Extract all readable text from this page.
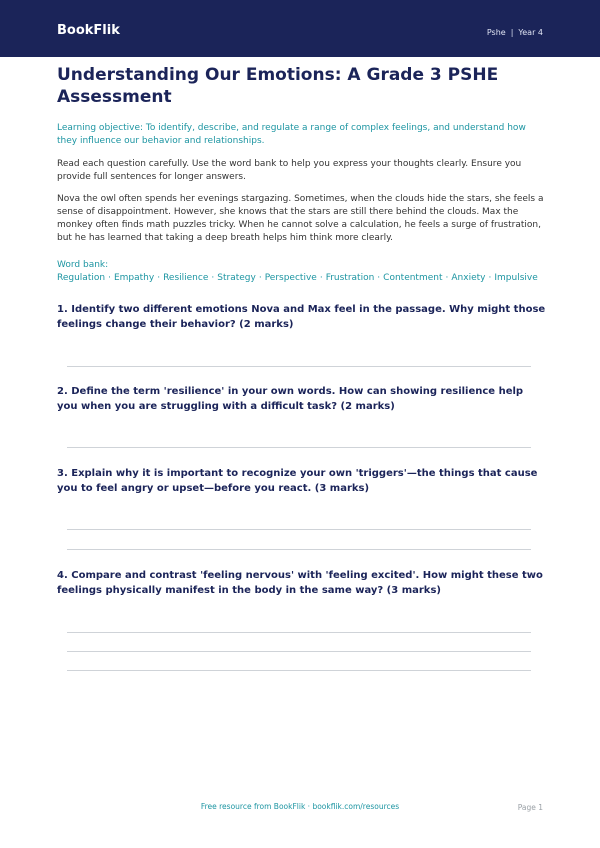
BookFlik	Pshe | Year 4
Understanding Our Emotions: A Grade 3 PSHE Assessment

Learning objective: To identify, describe, and regulate a range of complex feelings, and understand how they influence our behavior and relationships.

Read each question carefully. Use the word bank to help you express your thoughts clearly. Ensure you provide full sentences for longer answers.

Nova the owl often spends her evenings stargazing. Sometimes, when the clouds hide the stars, she feels a sense of disappointment. However, she knows that the stars are still there behind the clouds. Max the monkey often finds math puzzles tricky. When he cannot solve a calculation, he feels a surge of frustration, but he has learned that taking a deep breath helps him think more clearly.

Word bank: Regulation · Empathy · Resilience · Strategy · Perspective · Frustration · Contentment · Anxiety · Impulsive

1. Identify two different emotions Nova and Max feel in the passage. Why might those feelings change their behavior? (2 marks)

2. Define the term 'resilience' in your own words. How can showing resilience help you when you are struggling with a difficult task? (2 marks)

3. Explain why it is important to recognize your own 'triggers'—the things that cause you to feel angry or upset—before you react. (3 marks)

4. Compare and contrast 'feeling nervous' with 'feeling excited'. How might these two feelings physically manifest in the body in the same way? (3 marks)

Free resource from BookFlik · bookflik.com/resources	Page 1
